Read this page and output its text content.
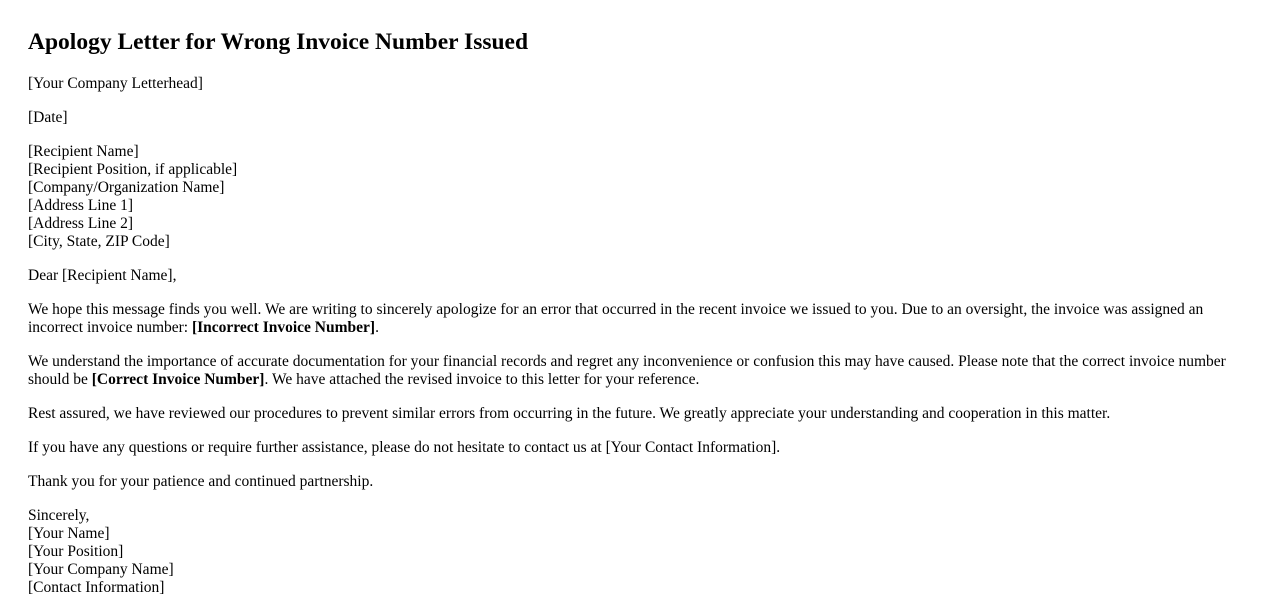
Apology Letter for Wrong Invoice Number Issued

[Your Company Letterhead]

[Date]

[Recipient Name]
[Recipient Position, if applicable]
[Company/Organization Name]
[Address Line 1]
[Address Line 2]
[City, State, ZIP Code]

Dear [Recipient Name],

We hope this message finds you well. We are writing to sincerely apologize for an error that occurred in the recent invoice we issued to you. Due to an oversight, the invoice was assigned an incorrect invoice number: [Incorrect Invoice Number].

We understand the importance of accurate documentation for your financial records and regret any inconvenience or confusion this may have caused. Please note that the correct invoice number should be [Correct Invoice Number]. We have attached the revised invoice to this letter for your reference.

Rest assured, we have reviewed our procedures to prevent similar errors from occurring in the future. We greatly appreciate your understanding and cooperation in this matter.

If you have any questions or require further assistance, please do not hesitate to contact us at [Your Contact Information].

Thank you for your patience and continued partnership.

Sincerely,
[Your Name]
[Your Position]
[Your Company Name]
[Contact Information]
